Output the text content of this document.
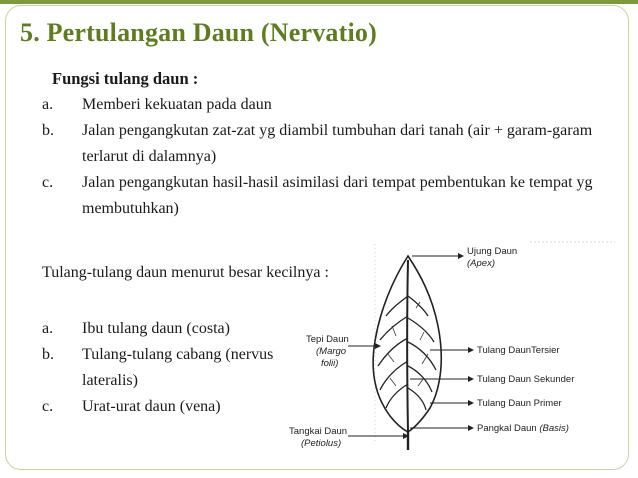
5. Pertulangan Daun (Nervatio)
Fungsi tulang daun :
a. Memberi kekuatan pada daun
b. Jalan pengangkutan zat-zat yg diambil tumbuhan dari tanah (air + garam-garam terlarut di dalamnya)
c. Jalan pengangkutan hasil-hasil asimilasi dari tempat pembentukan ke tempat yg membutuhkan)
Tulang-tulang daun menurut besar kecilnya :
a. Ibu tulang daun (costa)
b. Tulang-tulang cabang (nervus lateralis)
c. Urat-urat daun (vena)
Ujung Daun
(Apex)
Tepi Daun
(Margo
folii)
Tulang DaunTersier
Tulang Daun Sekunder
Tulang Daun Primer
Pangkal Daun (Basis)
Tangkai Daun
(Petiolus)
